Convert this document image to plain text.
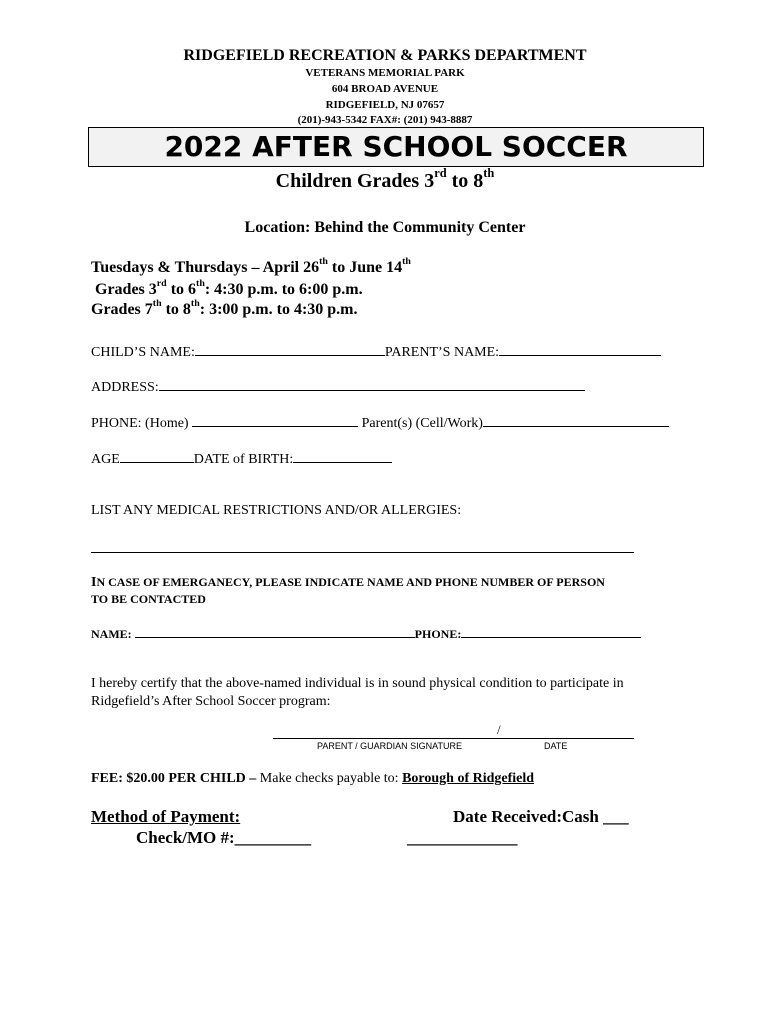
RIDGEFIELD RECREATION & PARKS DEPARTMENT
VETERANS MEMORIAL PARK
604 BROAD AVENUE
RIDGEFIELD, NJ 07657
(201)-943-5342 FAX#: (201) 943-8887
2022 AFTER SCHOOL SOCCER
Children Grades 3rd to 8th
Location: Behind the Community Center
Tuesdays & Thursdays – April 26th to June 14th
Grades 3rd to 6th: 4:30 p.m. to 6:00 p.m.
Grades 7th to 8th: 3:00 p.m. to 4:30 p.m.
CHILD’S NAME:	PARENT’S NAME:
ADDRESS:
PHONE: (Home)	Parent(s) (Cell/Work)
AGE	DATE of BIRTH:
LIST ANY MEDICAL RESTRICTIONS AND/OR ALLERGIES:
IN CASE OF EMERGANECY, PLEASE INDICATE NAME AND PHONE NUMBER OF PERSON
TO BE CONTACTED
NAME:	PHONE:
I hereby certify that the above-named individual is in sound physical condition to participate in
Ridgefield’s After School Soccer program:
/
PARENT / GUARDIAN SIGNATURE	DATE
FEE: $20.00 PER CHILD – Make checks payable to: Borough of Ridgefield
Method of Payment:	Date Received:Cash ___
Check/MO #:_________	_____________
